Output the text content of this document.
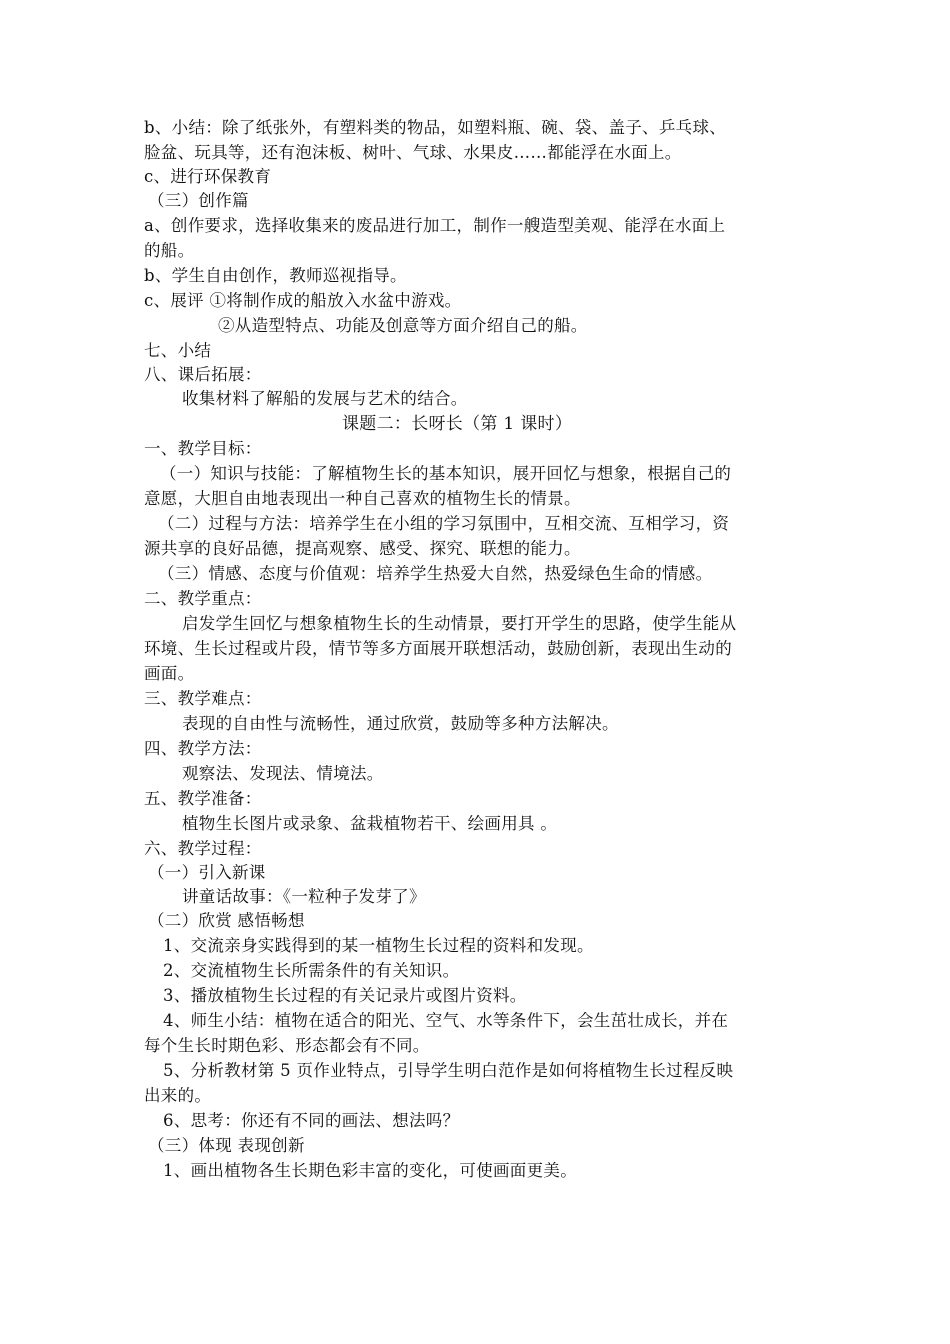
b、小结：除了纸张外，有塑料类的物品，如塑料瓶、碗、袋、盖子、乒乓球、
脸盆、玩具等，还有泡沫板、树叶、气球、水果皮……都能浮在水面上。
c、进行环保教育
（三）创作篇
a、创作要求，选择收集来的废品进行加工，制作一艘造型美观、能浮在水面上
的船。
b、学生自由创作，教师巡视指导。
c、展评 ①将制作成的船放入水盆中游戏。
②从造型特点、功能及创意等方面介绍自己的船。
七、小结
八、课后拓展：
收集材料了解船的发展与艺术的结合。
课题二：长呀长（第 1 课时）
一、教学目标：
（一）知识与技能：了解植物生长的基本知识，展开回忆与想象，根据自己的
意愿，大胆自由地表现出一种自己喜欢的植物生长的情景。
（二）过程与方法：培养学生在小组的学习氛围中，互相交流、互相学习，资
源共享的良好品德，提高观察、感受、探究、联想的能力。
（三）情感、态度与价值观：培养学生热爱大自然，热爱绿色生命的情感。
二、教学重点：
启发学生回忆与想象植物生长的生动情景，要打开学生的思路，使学生能从
环境、生长过程或片段，情节等多方面展开联想活动，鼓励创新，表现出生动的
画面。
三、教学难点：
表现的自由性与流畅性，通过欣赏，鼓励等多种方法解决。
四、教学方法：
观察法、发现法、情境法。
五、教学准备：
植物生长图片或录象、盆栽植物若干、绘画用具 。
六、教学过程：
（一）引入新课
讲童话故事：《一粒种子发芽了》
（二）欣赏 感悟畅想
1、交流亲身实践得到的某一植物生长过程的资料和发现。
2、交流植物生长所需条件的有关知识。
3、播放植物生长过程的有关记录片或图片资料。
4、师生小结：植物在适合的阳光、空气、水等条件下，会生茁壮成长，并在
每个生长时期色彩、形态都会有不同。
5、分析教材第 5 页作业特点，引导学生明白范作是如何将植物生长过程反映
出来的。
6、思考：你还有不同的画法、想法吗？
（三）体现 表现创新
1、画出植物各生长期色彩丰富的变化，可使画面更美。
